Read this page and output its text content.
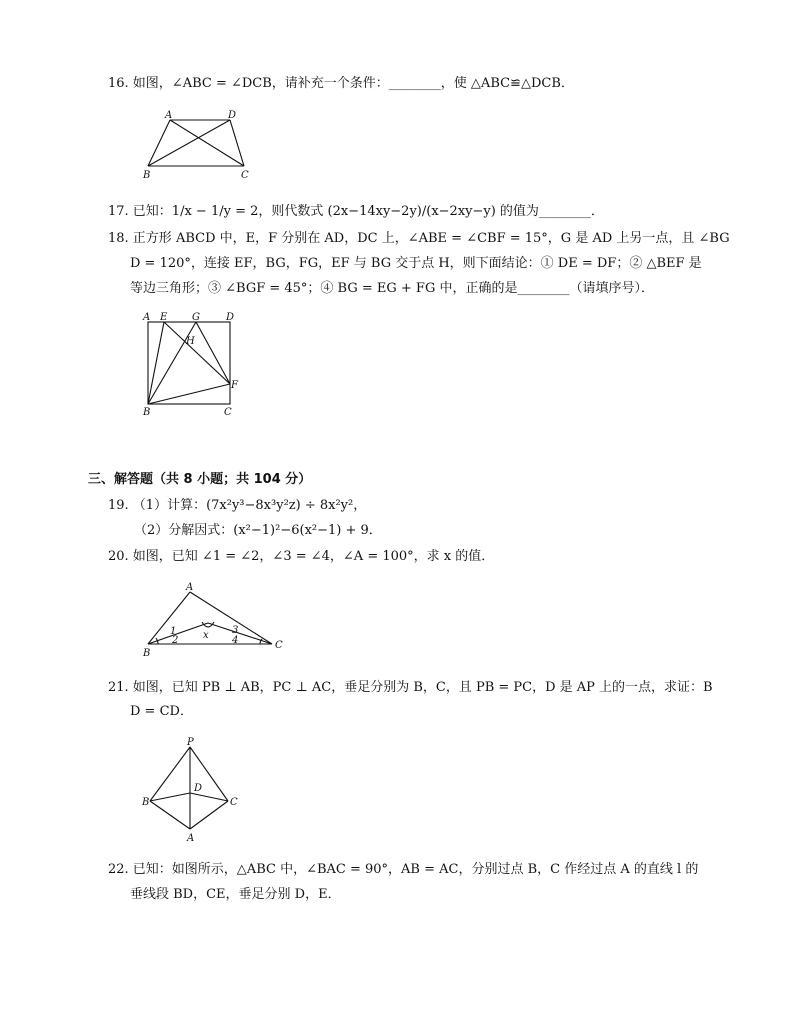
16. 如图，∠ABC = ∠DCB，请补充一个条件：________，使 △ABC≌△DCB．
A	D
B	C
17. 已知：1/x − 1/y = 2，则代数式 (2x−14xy−2y)/(x−2xy−y) 的值为________．
18. 正方形 ABCD 中，E，F 分别在 AD，DC 上，∠ABE = ∠CBF = 15°，G 是 AD 上另一点，且 ∠BG
D = 120°，连接 EF，BG，FG，EF 与 BG 交于点 H，则下面结论：① DE = DF；② △BEF 是
等边三角形；③ ∠BGF = 45°；④ BG = EG + FG 中，正确的是________（请填序号）．
A E G	D
H
F
B	C
三、解答题（共 8 小题；共 104 分）
19. （1）计算：(7x²y³−8x³y²z) ÷ 8x²y²，
（2）分解因式：(x²−1)²−6(x²−1) + 9．
20. 如图，已知 ∠1 = ∠2，∠3 = ∠4，∠A = 100°，求 x 的值．
A
B
C
1
2
3
4
x
21. 如图，已知 PB ⊥ AB，PC ⊥ AC，垂足分别为 B，C，且 PB = PC，D 是 AP 上的一点，求证：B
D = CD．
P
D
B	C
A
22. 已知：如图所示，△ABC 中，∠BAC = 90°，AB = AC，分别过点 B，C 作经过点 A 的直线 l 的
垂线段 BD，CE，垂足分别 D，E．
